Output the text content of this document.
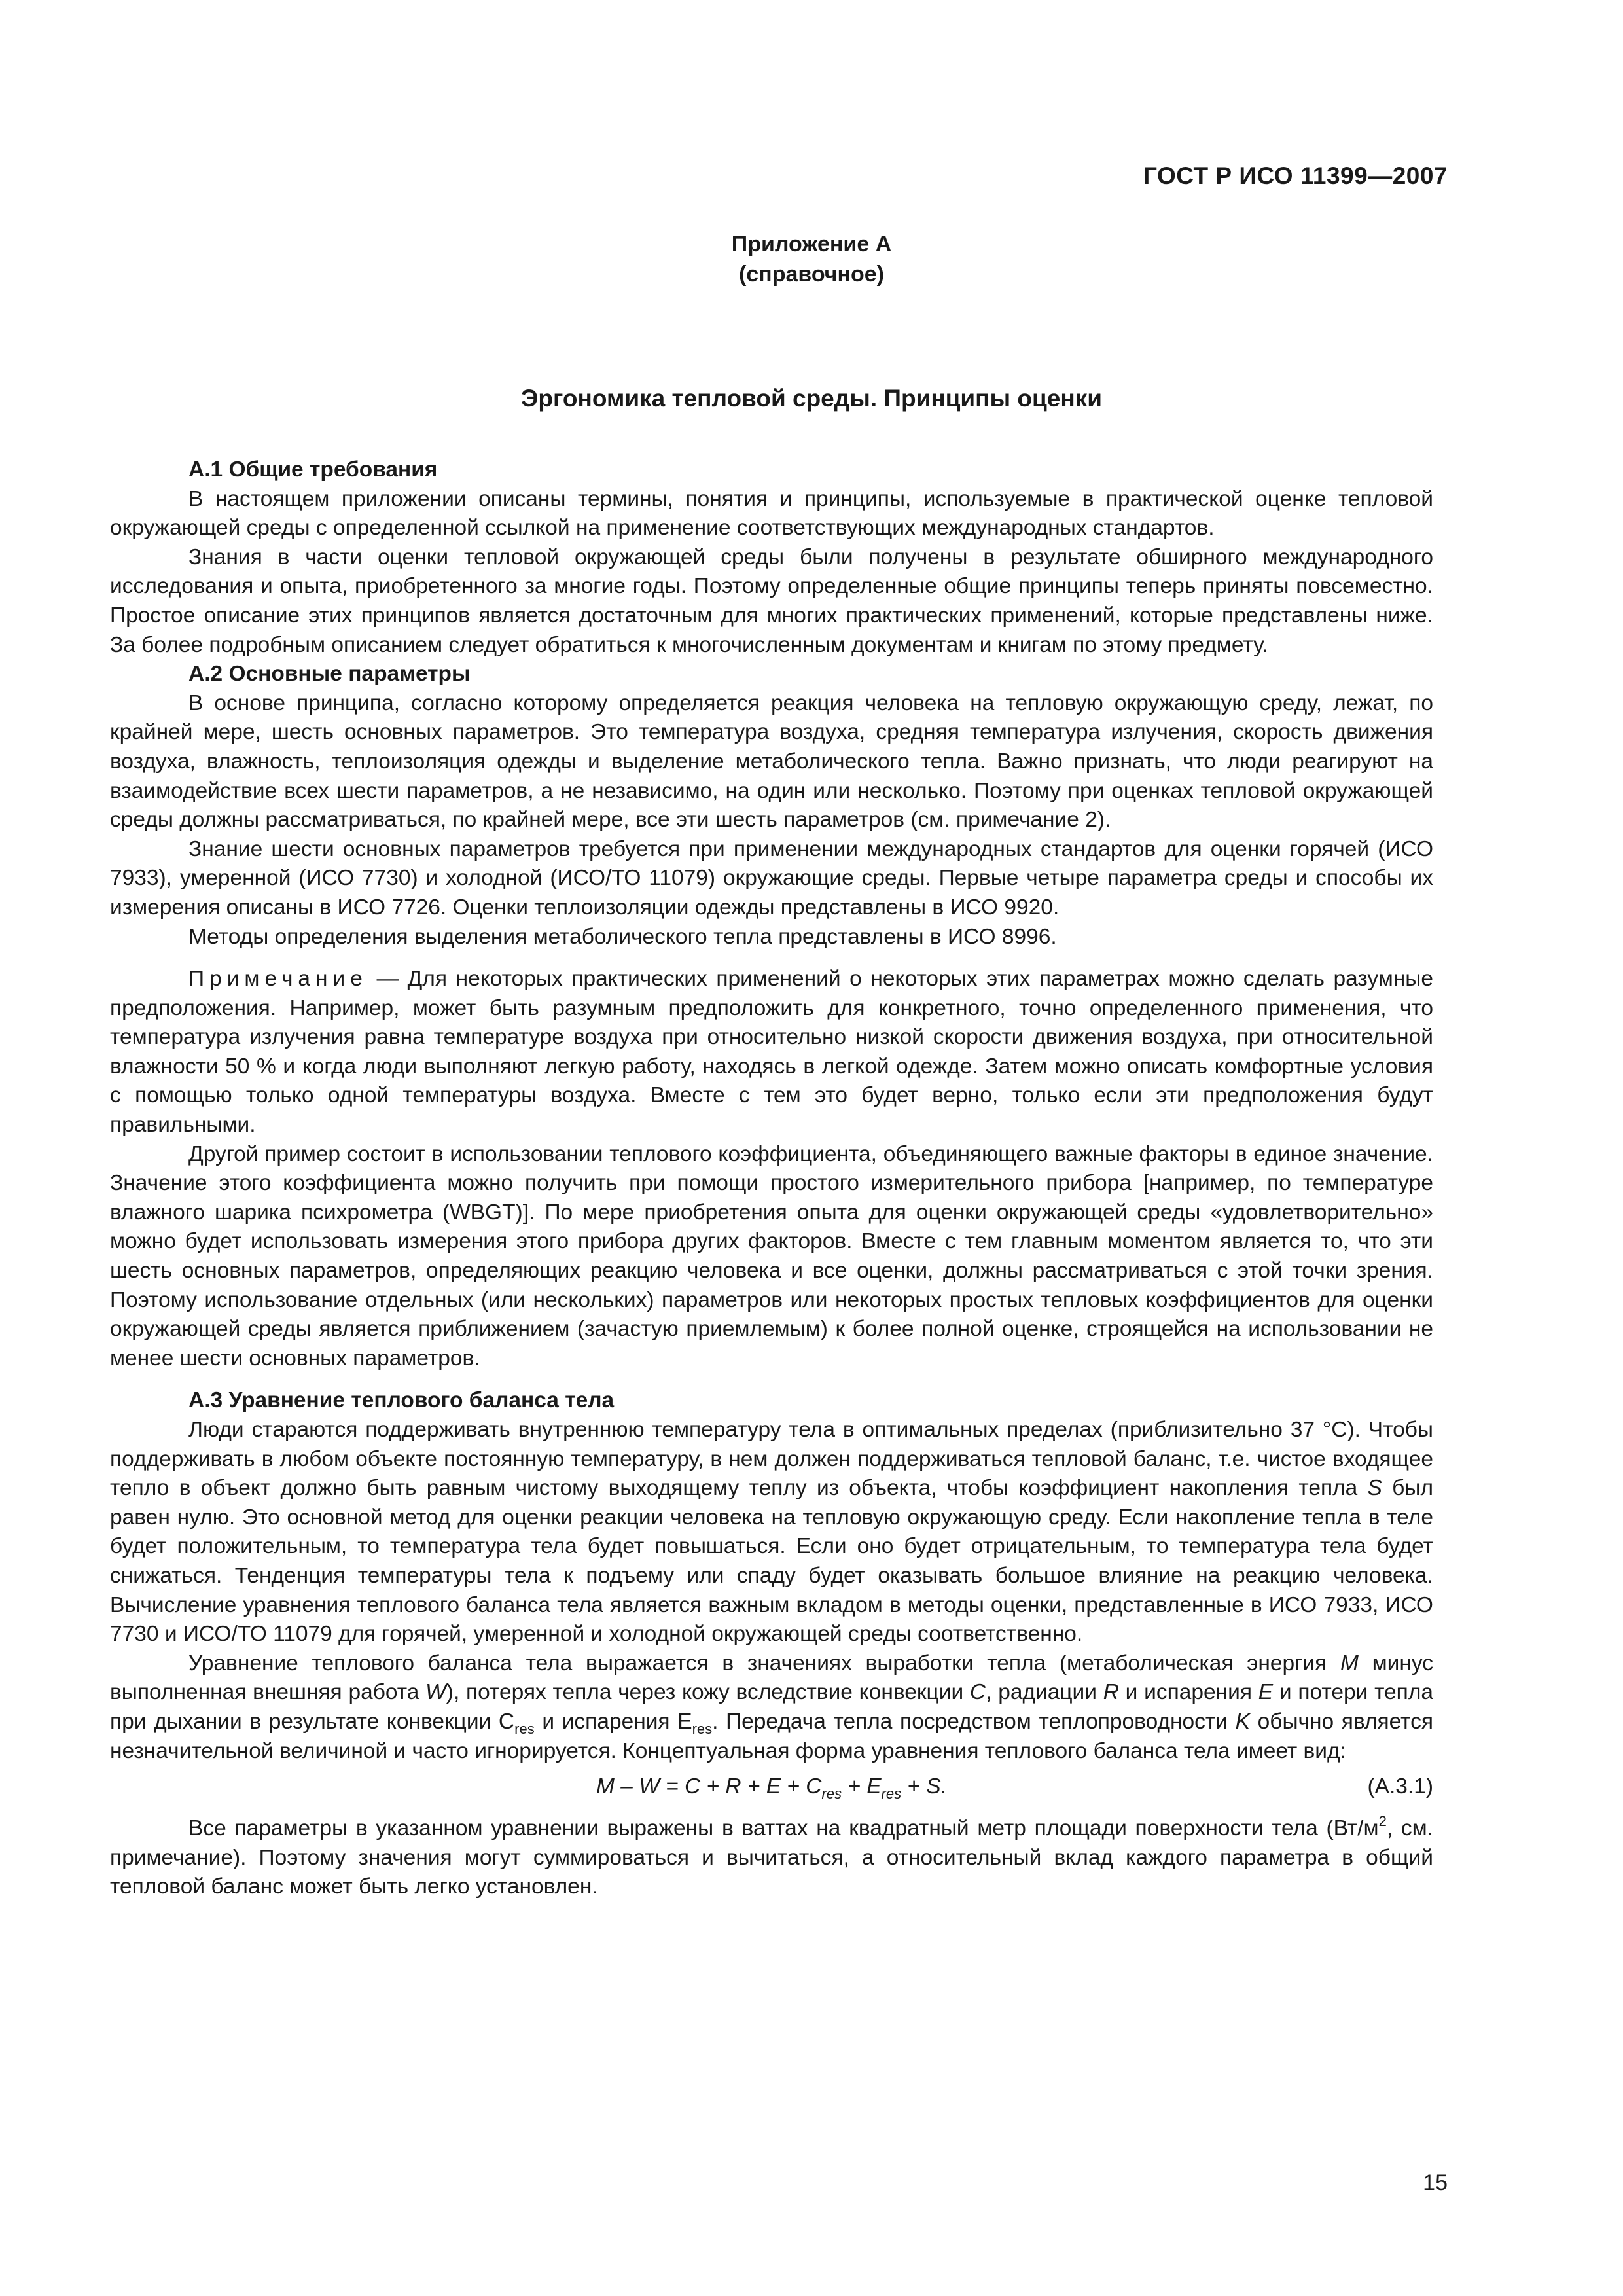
ГОСТ Р ИСО 11399—2007
Приложение А
(справочное)
Эргономика тепловой среды. Принципы оценки
А.1 Общие требования

В настоящем приложении описаны термины, понятия и принципы, используемые в практической оценке тепловой окружающей среды с определенной ссылкой на применение соответствующих международных стандартов.

Знания в части оценки тепловой окружающей среды были получены в результате обширного международного исследования и опыта, приобретенного за многие годы. Поэтому определенные общие принципы теперь приняты повсеместно. Простое описание этих принципов является достаточным для многих практических применений, которые представлены ниже. За более подробным описанием следует обратиться к многочисленным документам и книгам по этому предмету.

А.2 Основные параметры

В основе принципа, согласно которому определяется реакция человека на тепловую окружающую среду, лежат, по крайней мере, шесть основных параметров. Это температура воздуха, средняя температура излучения, скорость движения воздуха, влажность, теплоизоляция одежды и выделение метаболического тепла. Важно признать, что люди реагируют на взаимодействие всех шести параметров, а не независимо, на один или несколько. Поэтому при оценках тепловой окружающей среды должны рассматриваться, по крайней мере, все эти шесть параметров (см. примечание 2).

Знание шести основных параметров требуется при применении международных стандартов для оценки горячей (ИСО 7933), умеренной (ИСО 7730) и холодной (ИСО/ТО 11079) окружающие среды. Первые четыре параметра среды и способы их измерения описаны в ИСО 7726. Оценки теплоизоляции одежды представлены в ИСО 9920.

Методы определения выделения метаболического тепла представлены в ИСО 8996.

Примечание — Для некоторых практических применений о некоторых этих параметрах можно сделать разумные предположения. Например, может быть разумным предположить для конкретного, точно определенного применения, что температура излучения равна температуре воздуха при относительно низкой скорости движения воздуха, при относительной влажности 50 % и когда люди выполняют легкую работу, находясь в легкой одежде. Затем можно описать комфортные условия с помощью только одной температуры воздуха. Вместе с тем это будет верно, только если эти предположения будут правильными.

Другой пример состоит в использовании теплового коэффициента, объединяющего важные факторы в единое значение. Значение этого коэффициента можно получить при помощи простого измерительного прибора [например, по температуре влажного шарика психрометра (WBGT)]. По мере приобретения опыта для оценки окружающей среды «удовлетворительно» можно будет использовать измерения этого прибора других факторов. Вместе с тем главным моментом является то, что эти шесть основных параметров, определяющих реакцию человека и все оценки, должны рассматриваться с этой точки зрения. Поэтому использование отдельных (или нескольких) параметров или некоторых простых тепловых коэффициентов для оценки окружающей среды является приближением (зачастую приемлемым) к более полной оценке, строящейся на использовании не менее шести основных параметров.

А.3 Уравнение теплового баланса тела

Люди стараются поддерживать внутреннюю температуру тела в оптимальных пределах (приблизительно 37 °С). Чтобы поддерживать в любом объекте постоянную температуру, в нем должен поддерживаться тепловой баланс, т.е. чистое входящее тепло в объект должно быть равным чистому выходящему теплу из объекта, чтобы коэффициент накопления тепла S был равен нулю. Это основной метод для оценки реакции человека на тепловую окружающую среду. Если накопление тепла в теле будет положительным, то температура тела будет повышаться. Если оно будет отрицательным, то температура тела будет снижаться. Тенденция температуры тела к подъему или спаду будет оказывать большое влияние на реакцию человека. Вычисление уравнения теплового баланса тела является важным вкладом в методы оценки, представленные в ИСО 7933, ИСО 7730 и ИСО/ТО 11079 для горячей, умеренной и холодной окружающей среды соответственно.

Уравнение теплового баланса тела выражается в значениях выработки тепла (метаболическая энергия M минус выполненная внешняя работа W), потерях тепла через кожу вследствие конвекции C, радиации R и испарения E и потери тепла при дыхании в результате конвекции $C_{res}$ и испарения $E_{res}$. Передача тепла посредством теплопроводности K обычно является незначительной величиной и часто игнорируется. Концептуальная форма уравнения теплового баланса тела имеет вид:

$M - W = C + R + E + C_{res} + E_{res} + S$.	(А.3.1)

Все параметры в указанном уравнении выражены в ваттах на квадратный метр площади поверхности тела ($Вт/м^2$, см. примечание). Поэтому значения могут суммироваться и вычитаться, а относительный вклад каждого параметра в общий тепловой баланс может быть легко установлен.

15
